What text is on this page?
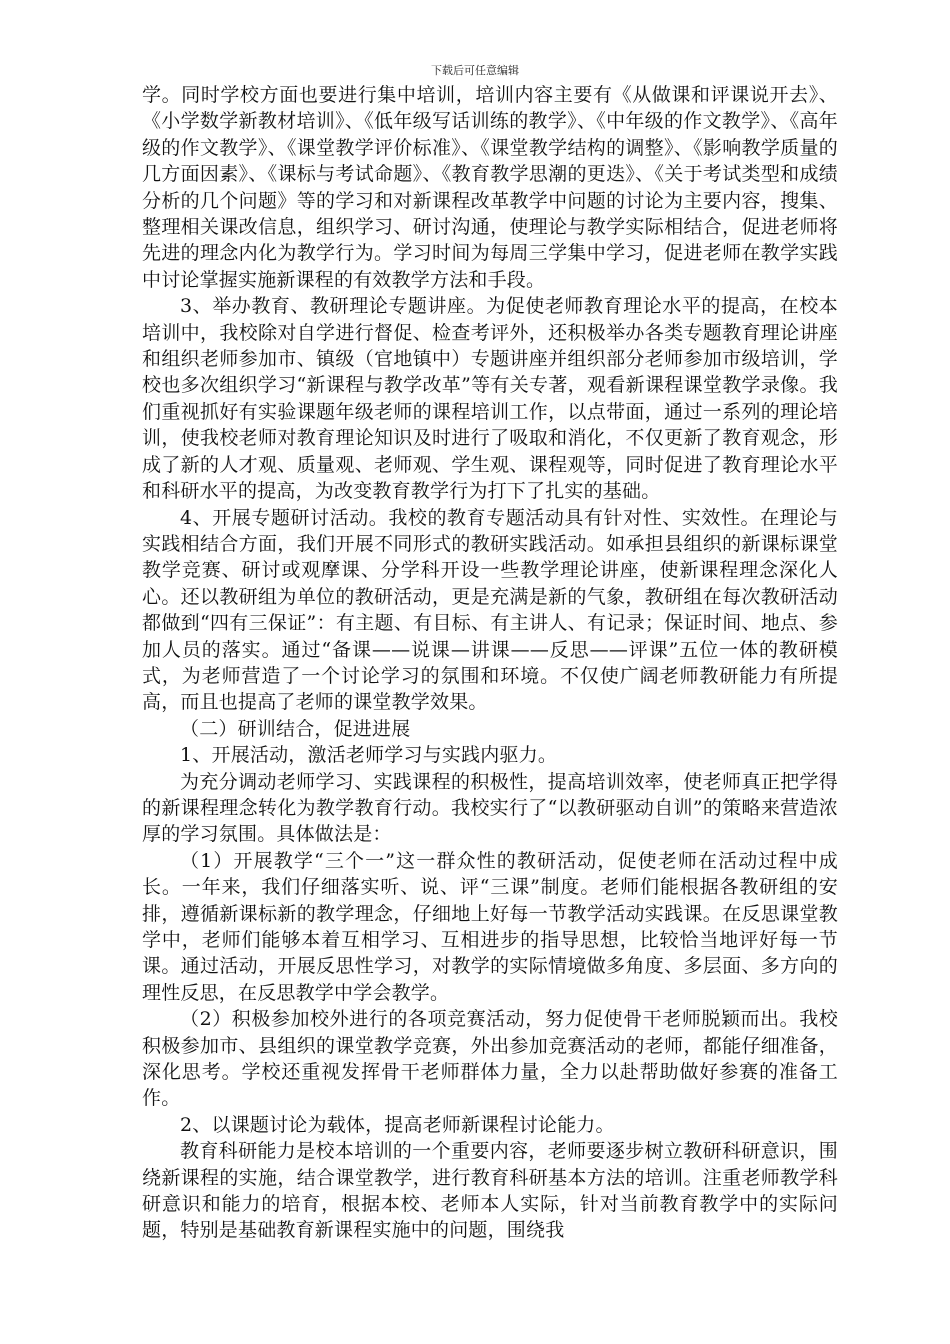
下载后可任意编辑

学。同时学校方面也要进行集中培训，培训内容主要有《从做课和评课说开去》、《小学数学新教材培训》、《低年级写话训练的教学》、《中年级的作文教学》、《高年级的作文教学》、《课堂教学评价标准》、《课堂教学结构的调整》、《影响教学质量的几方面因素》、《课标与考试命题》、《教育教学思潮的更迭》、《关于考试类型和成绩分析的几个问题》等的学习和对新课程改革教学中问题的讨论为主要内容，搜集、整理相关课改信息，组织学习、研讨沟通，使理论与教学实际相结合，促进老师将先进的理念内化为教学行为。学习时间为每周三学集中学习，促进老师在教学实践中讨论掌握实施新课程的有效教学方法和手段。

3、举办教育、教研理论专题讲座。为促使老师教育理论水平的提高，在校本培训中，我校除对自学进行督促、检查考评外，还积极举办各类专题教育理论讲座和组织老师参加市、镇级（官地镇中）专题讲座并组织部分老师参加市级培训，学校也多次组织学习“新课程与教学改革”等有关专著，观看新课程课堂教学录像。我们重视抓好有实验课题年级老师的课程培训工作，以点带面，通过一系列的理论培训，使我校老师对教育理论知识及时进行了吸取和消化，不仅更新了教育观念，形成了新的人才观、质量观、老师观、学生观、课程观等，同时促进了教育理论水平和科研水平的提高，为改变教育教学行为打下了扎实的基础。

4、开展专题研讨活动。我校的教育专题活动具有针对性、实效性。在理论与实践相结合方面，我们开展不同形式的教研实践活动。如承担县组织的新课标课堂教学竞赛、研讨或观摩课、分学科开设一些教学理论讲座，使新课程理念深化人心。还以教研组为单位的教研活动，更是充满是新的气象，教研组在每次教研活动都做到“四有三保证”：有主题、有目标、有主讲人、有记录；保证时间、地点、参加人员的落实。通过“备课——说课—讲课——反思——评课”五位一体的教研模式，为老师营造了一个讨论学习的氛围和环境。不仅使广阔老师教研能力有所提高，而且也提高了老师的课堂教学效果。

（二）研训结合，促进进展

1、开展活动，激活老师学习与实践内驱力。

为充分调动老师学习、实践课程的积极性，提高培训效率，使老师真正把学得的新课程理念转化为教学教育行动。我校实行了“以教研驱动自训”的策略来营造浓厚的学习氛围。具体做法是：

（1）开展教学“三个一”这一群众性的教研活动，促使老师在活动过程中成长。一年来，我们仔细落实听、说、评“三课”制度。老师们能根据各教研组的安排，遵循新课标新的教学理念，仔细地上好每一节教学活动实践课。在反思课堂教学中，老师们能够本着互相学习、互相进步的指导思想，比较恰当地评好每一节课。通过活动，开展反思性学习，对教学的实际情境做多角度、多层面、多方向的理性反思，在反思教学中学会教学。

（2）积极参加校外进行的各项竞赛活动，努力促使骨干老师脱颖而出。我校积极参加市、县组织的课堂教学竞赛，外出参加竞赛活动的老师，都能仔细准备，深化思考。学校还重视发挥骨干老师群体力量，全力以赴帮助做好参赛的准备工作。

2、以课题讨论为载体，提高老师新课程讨论能力。

教育科研能力是校本培训的一个重要内容，老师要逐步树立教研科研意识，围绕新课程的实施，结合课堂教学，进行教育科研基本方法的培训。注重老师教学科研意识和能力的培育，根据本校、老师本人实际，针对当前教育教学中的实际问题，特别是基础教育新课程实施中的问题，围绕我
